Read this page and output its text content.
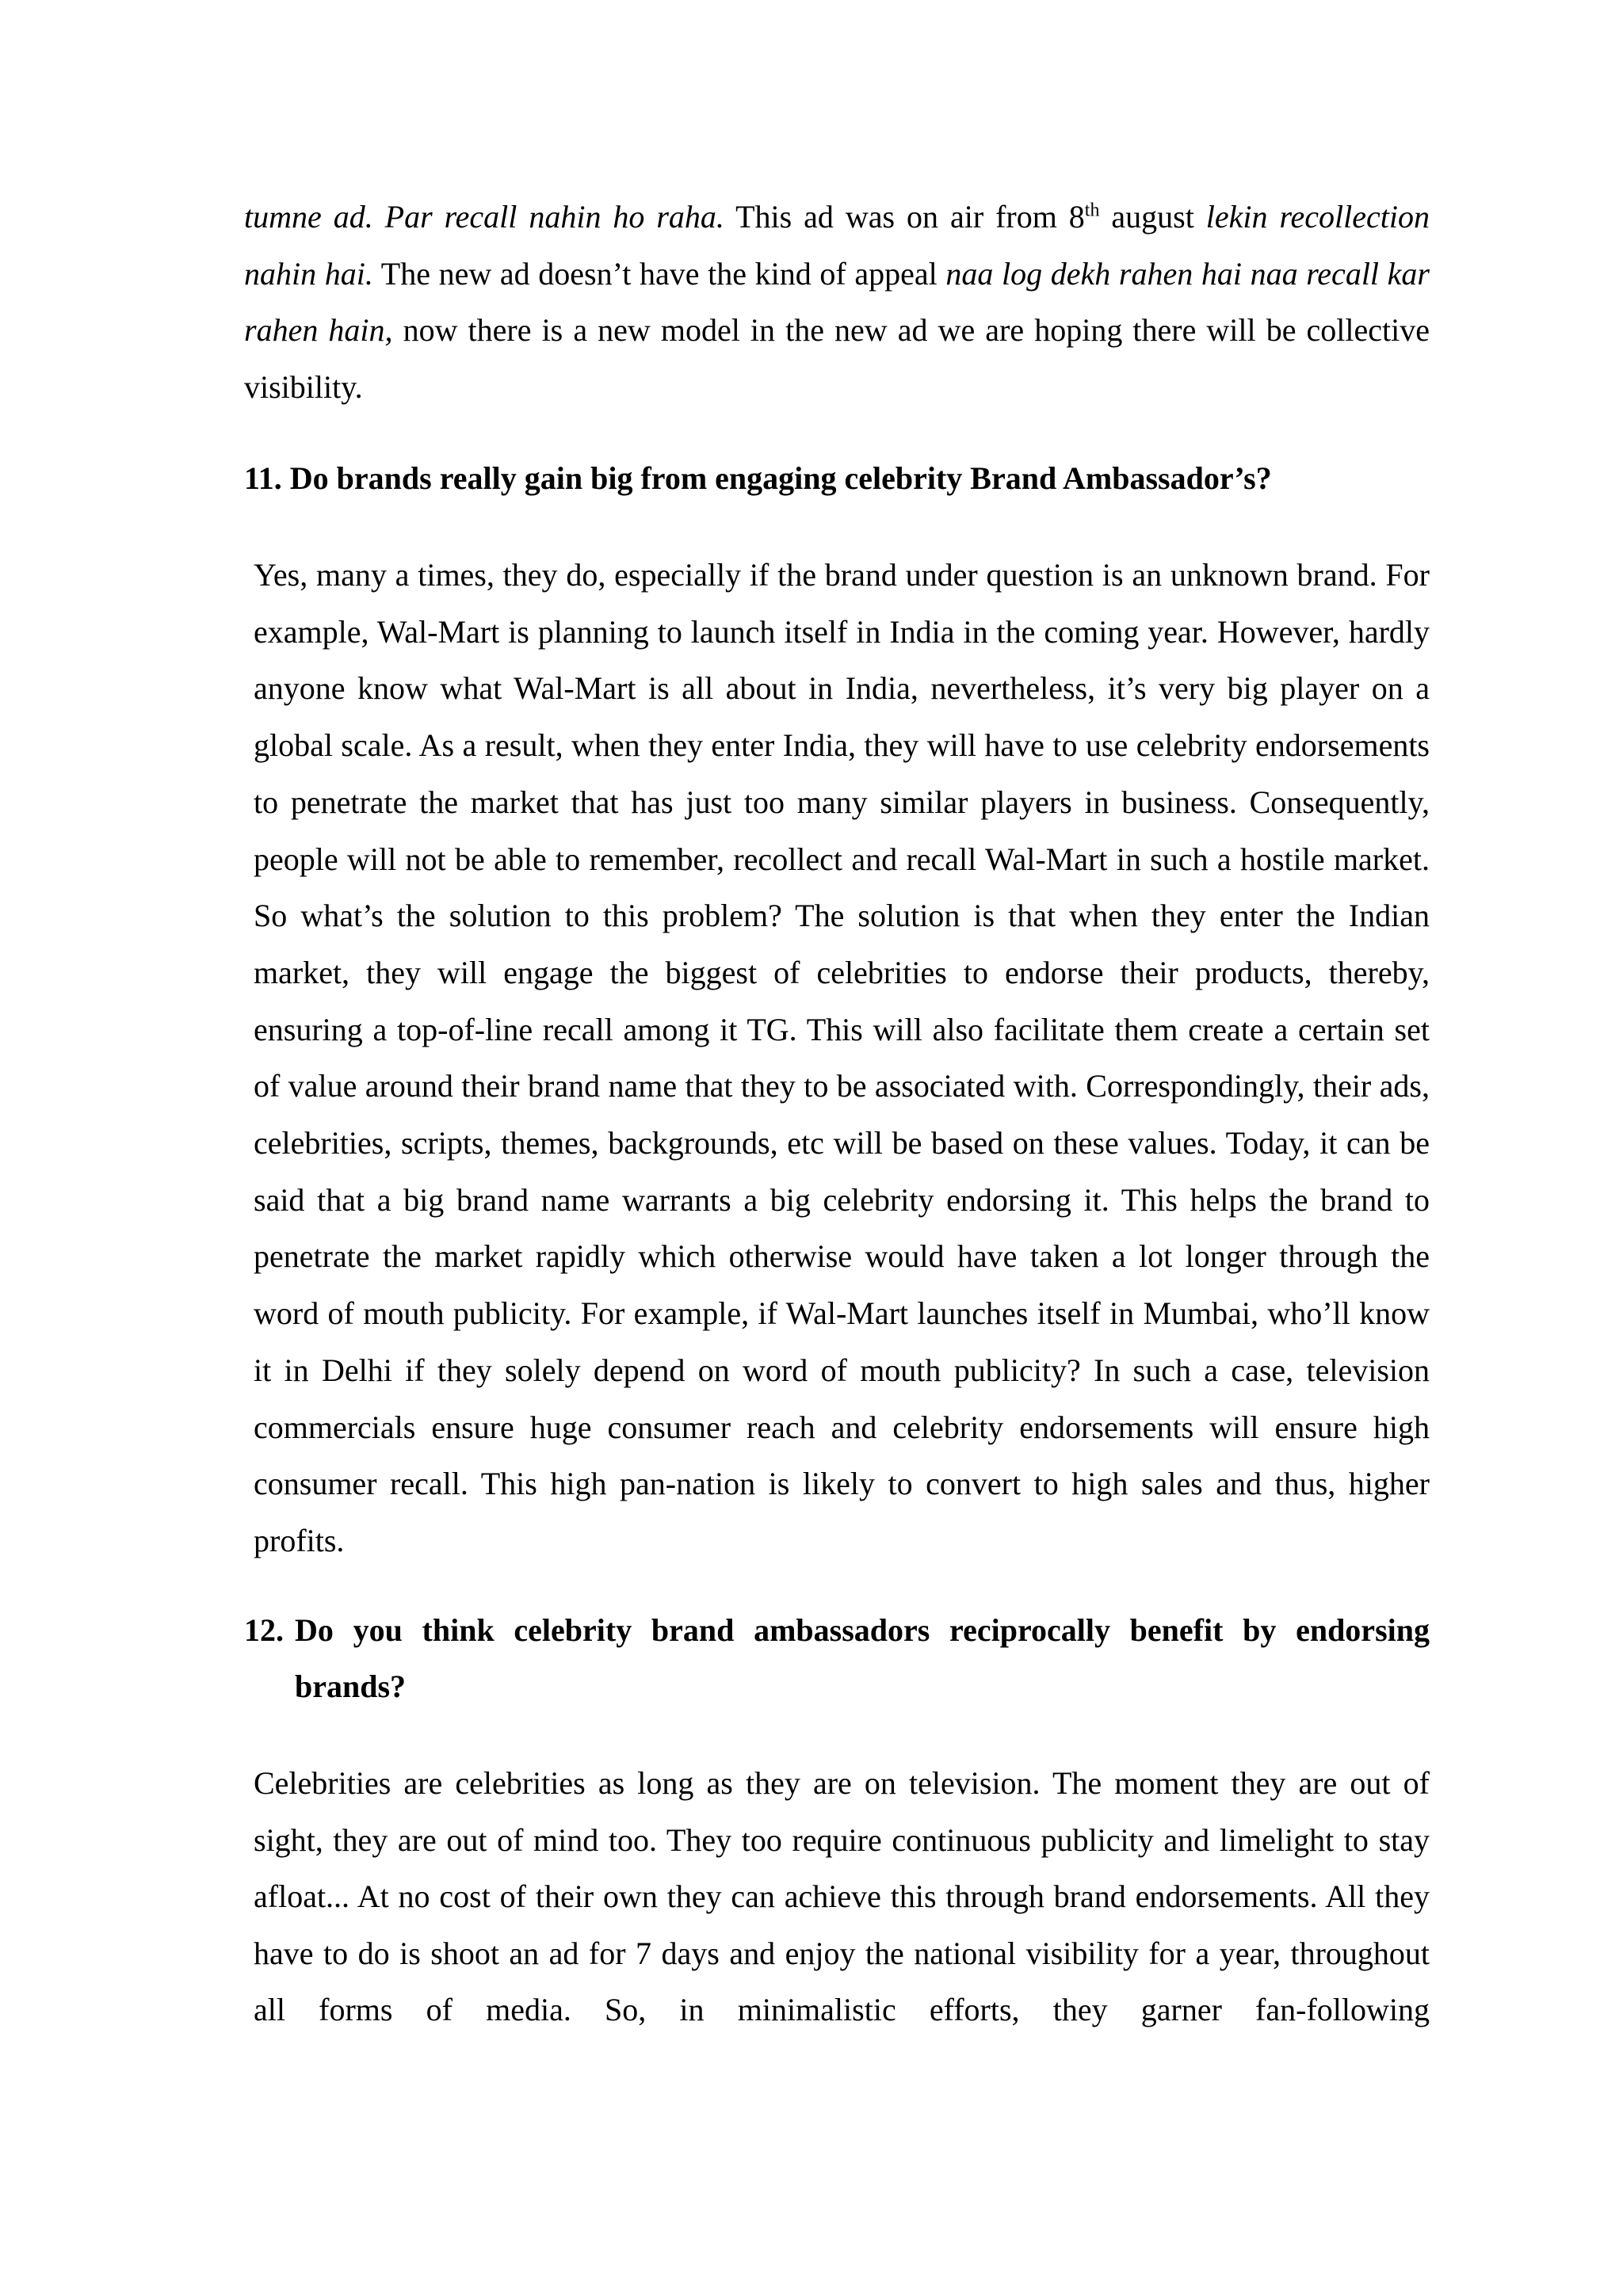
tumne ad. Par recall nahin ho raha. This ad was on air from 8th august lekin recollection nahin hai. The new ad doesn’t have the kind of appeal naa log dekh rahen hai naa recall kar rahen hain, now there is a new model in the new ad we are hoping there will be collective visibility.
11. Do brands really gain big from engaging celebrity Brand Ambassador’s?
Yes, many a times, they do, especially if the brand under question is an unknown brand. For example, Wal-Mart is planning to launch itself in India in the coming year. However, hardly anyone know what Wal-Mart is all about in India, nevertheless, it’s very big player on a global scale. As a result, when they enter India, they will have to use celebrity endorsements to penetrate the market that has just too many similar players in business. Consequently, people will not be able to remember, recollect and recall Wal-Mart in such a hostile market. So what’s the solution to this problem? The solution is that when they enter the Indian market, they will engage the biggest of celebrities to endorse their products, thereby, ensuring a top-of-line recall among it TG. This will also facilitate them create a certain set of value around their brand name that they to be associated with. Correspondingly, their ads, celebrities, scripts, themes, backgrounds, etc will be based on these values. Today, it can be said that a big brand name warrants a big celebrity endorsing it. This helps the brand to penetrate the market rapidly which otherwise would have taken a lot longer through the word of mouth publicity. For example, if Wal-Mart launches itself in Mumbai, who’ll know it in Delhi if they solely depend on word of mouth publicity? In such a case, television commercials ensure huge consumer reach and celebrity endorsements will ensure high consumer recall. This high pan-nation is likely to convert to high sales and thus, higher profits.
12. Do you think celebrity brand ambassadors reciprocally benefit by endorsing
brands?
Celebrities are celebrities as long as they are on television. The moment they are out of sight, they are out of mind too. They too require continuous publicity and limelight to stay afloat... At no cost of their own they can achieve this through brand endorsements. All they have to do is shoot an ad for 7 days and enjoy the national visibility for a year, throughout all forms of media. So, in minimalistic efforts, they garner fan-following
